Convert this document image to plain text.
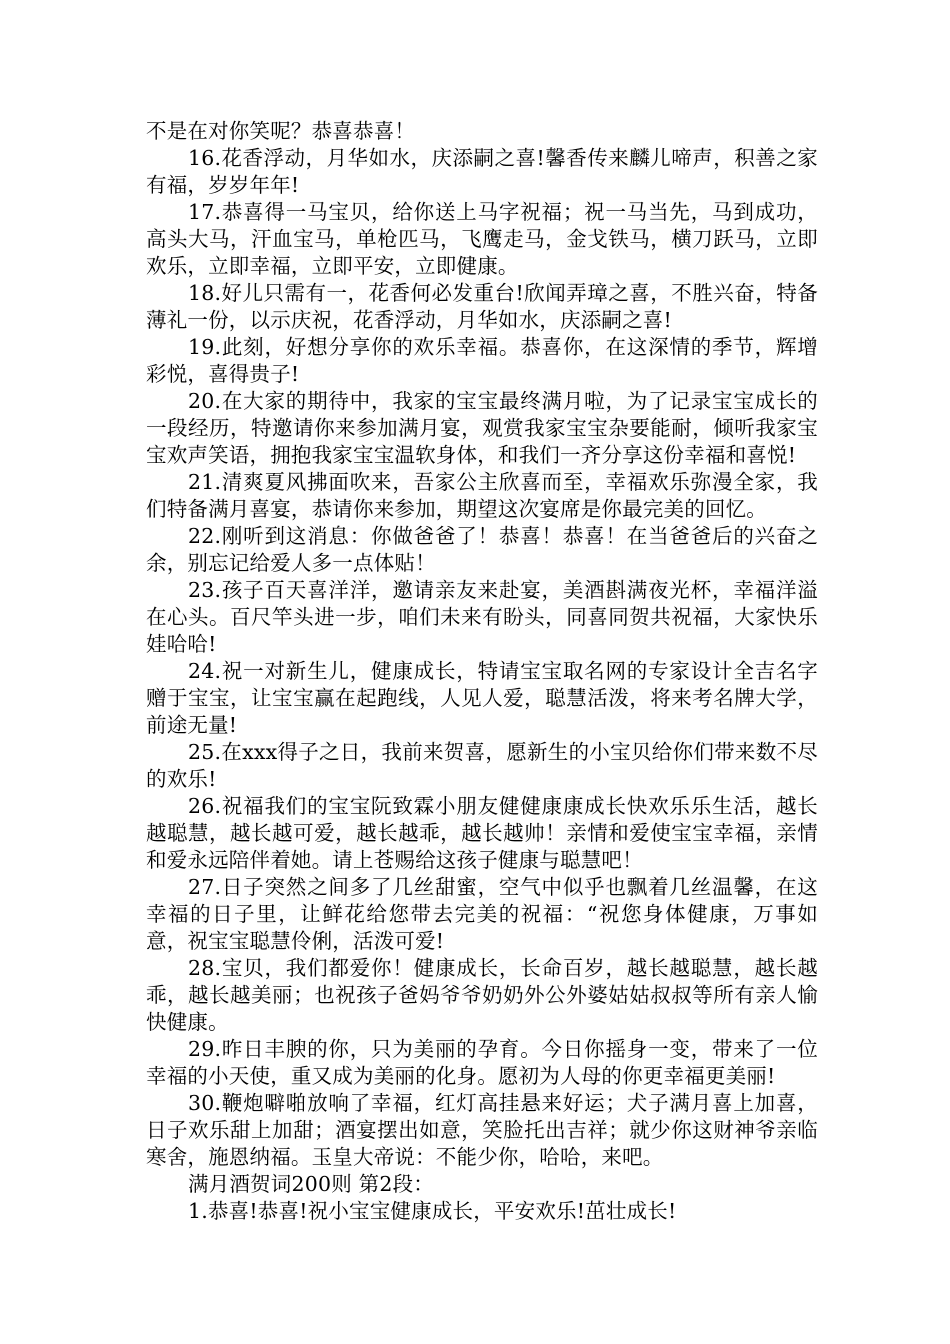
不是在对你笑呢？恭喜恭喜！

16.花香浮动，月华如水，庆添嗣之喜!馨香传来麟儿啼声，积善之家有福，岁岁年年!

17.恭喜得一马宝贝，给你送上马字祝福；祝一马当先，马到成功，高头大马，汗血宝马，单枪匹马，飞鹰走马，金戈铁马，横刀跃马，立即欢乐，立即幸福，立即平安，立即健康。

18.好儿只需有一，花香何必发重台!欣闻弄璋之喜，不胜兴奋，特备薄礼一份，以示庆祝，花香浮动，月华如水，庆添嗣之喜!

19.此刻，好想分享你的欢乐幸福。恭喜你，在这深情的季节，辉增彩悦，喜得贵子!

20.在大家的期待中，我家的宝宝最终满月啦，为了记录宝宝成长的一段经历，特邀请你来参加满月宴，观赏我家宝宝杂要能耐，倾听我家宝宝欢声笑语，拥抱我家宝宝温软身体，和我们一齐分享这份幸福和喜悦!

21.清爽夏风拂面吹来，吾家公主欣喜而至，幸福欢乐弥漫全家，我们特备满月喜宴，恭请你来参加，期望这次宴席是你最完美的回忆。

22.刚听到这消息：你做爸爸了！恭喜！恭喜！在当爸爸后的兴奋之余，别忘记给爱人多一点体贴！

23.孩子百天喜洋洋，邀请亲友来赴宴，美酒斟满夜光杯，幸福洋溢在心头。百尺竿头进一步，咱们未来有盼头，同喜同贺共祝福，大家快乐娃哈哈!

24.祝一对新生儿，健康成长，特请宝宝取名网的专家设计全吉名字赠于宝宝，让宝宝赢在起跑线，人见人爱，聪慧活泼，将来考名牌大学，前途无量!

25.在xxx得子之日，我前来贺喜，愿新生的小宝贝给你们带来数不尽的欢乐!

26.祝福我们的宝宝阮致霖小朋友健健康康成长快欢乐乐生活，越长越聪慧，越长越可爱，越长越乖，越长越帅！亲情和爱使宝宝幸福，亲情和爱永远陪伴着她。请上苍赐给这孩子健康与聪慧吧！

27.日子突然之间多了几丝甜蜜，空气中似乎也飘着几丝温馨，在这幸福的日子里，让鲜花给您带去完美的祝福：“祝您身体健康，万事如意，祝宝宝聪慧伶俐，活泼可爱!

28.宝贝，我们都爱你！健康成长，长命百岁，越长越聪慧，越长越乖，越长越美丽；也祝孩子爸妈爷爷奶奶外公外婆姑姑叔叔等所有亲人愉快健康。

29.昨日丰腴的你，只为美丽的孕育。今日你摇身一变，带来了一位幸福的小天使，重又成为美丽的化身。愿初为人母的你更幸福更美丽!

30.鞭炮噼啪放响了幸福，红灯高挂悬来好运；犬子满月喜上加喜，日子欢乐甜上加甜；酒宴摆出如意，笑脸托出吉祥；就少你这财神爷亲临寒舍，施恩纳福。玉皇大帝说：不能少你，哈哈，来吧。

满月酒贺词200则 第2段：

1.恭喜!恭喜!祝小宝宝健康成长，平安欢乐!茁壮成长!
